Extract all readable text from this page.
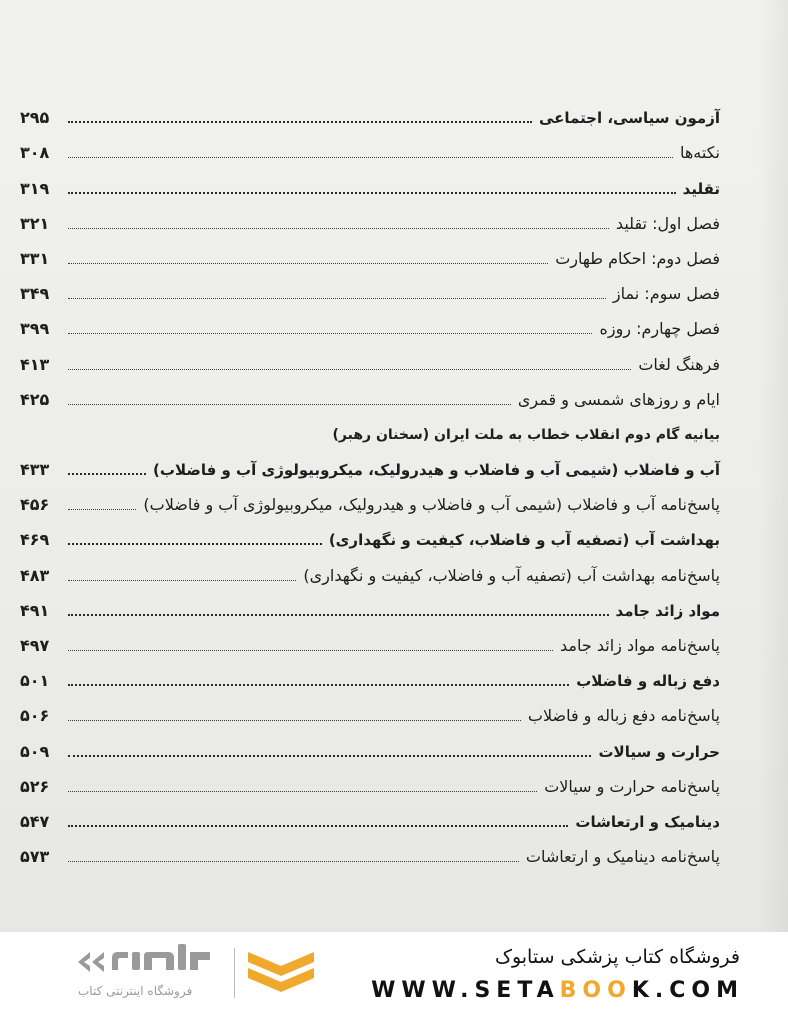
آزمون سیاسی، اجتماعی
۲۹۵
نکته‌ها
۳۰۸
تقلید
۳۱۹
فصل اول: تقلید
۳۲۱
فصل دوم: احکام طهارت
۳۳۱
فصل سوم: نماز
۳۴۹
فصل چهارم: روزه
۳۹۹
فرهنگ لغات
۴۱۳
ایام و روزهای شمسی و قمری
۴۲۵
بیانیه گام دوم انقلاب خطاب به ملت ایران (سخنان رهبر)
آب و فاضلاب (شیمی آب و فاضلاب و هیدرولیک، میکروبیولوژی آب و فاضلاب)
۴۳۳
پاسخ‌نامه آب و فاضلاب (شیمی آب و فاضلاب و هیدرولیک، میکروبیولوژی آب و فاضلاب)
۴۵۶
بهداشت آب (تصفیه آب و فاضلاب، کیفیت و نگهداری)
۴۶۹
پاسخ‌نامه بهداشت آب (تصفیه آب و فاضلاب، کیفیت و نگهداری)
۴۸۳
مواد زائد جامد
۴۹۱
پاسخ‌نامه مواد زائد جامد
۴۹۷
دفع زباله و فاضلاب
۵۰۱
پاسخ‌نامه دفع زباله و فاضلاب
۵۰۶
حرارت و سیالات
۵۰۹
پاسخ‌نامه حرارت و سیالات
۵۲۶
دینامیک و ارتعاشات
۵۴۷
پاسخ‌نامه دینامیک و ارتعاشات
۵۷۳
فروشگاه اینترنتی کتاب
فروشگاه کتاب پزشکی ستابوک
WWW.SETABOOK.COM
